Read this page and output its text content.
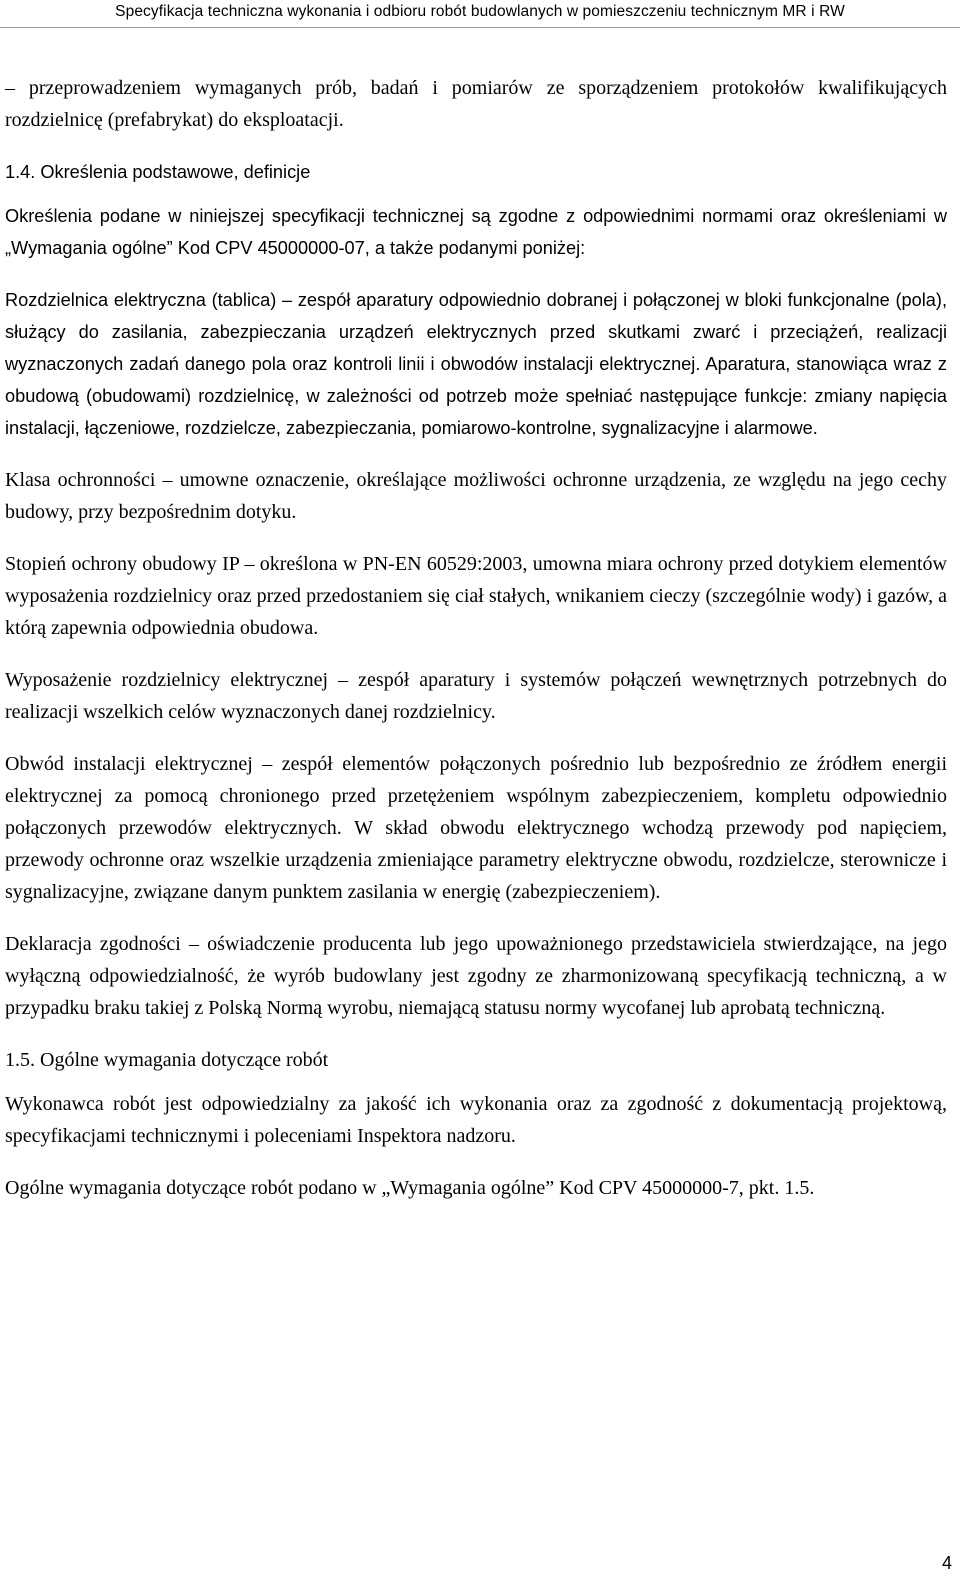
Specyfikacja techniczna wykonania i odbioru robót budowlanych w pomieszczeniu technicznym MR i RW

– przeprowadzeniem wymaganych prób, badań i pomiarów ze sporządzeniem protokołów kwalifikujących rozdzielnicę (prefabrykat) do eksploatacji.

1.4. Określenia podstawowe, definicje

Określenia podane w niniejszej specyfikacji technicznej są zgodne z odpowiednimi normami oraz określeniami w „Wymagania ogólne” Kod CPV 45000000-07, a także podanymi poniżej:

Rozdzielnica elektryczna (tablica) – zespół aparatury odpowiednio dobranej i połączonej w bloki funkcjonalne (pola), służący do zasilania, zabezpieczania urządzeń elektrycznych przed skutkami zwarć i przeciążeń, realizacji wyznaczonych zadań danego pola oraz kontroli linii i obwodów instalacji elektrycznej. Aparatura, stanowiąca wraz z obudową (obudowami) rozdzielnicę, w zależności od potrzeb może spełniać następujące funkcje: zmiany napięcia instalacji, łączeniowe, rozdzielcze, zabezpieczania, pomiarowo-kontrolne, sygnalizacyjne i alarmowe.

Klasa ochronności – umowne oznaczenie, określające możliwości ochronne urządzenia, ze względu na jego cechy budowy, przy bezpośrednim dotyku.

Stopień ochrony obudowy IP – określona w PN-EN 60529:2003, umowna miara ochrony przed dotykiem elementów wyposażenia rozdzielnicy oraz przed przedostaniem się ciał stałych, wnikaniem cieczy (szczególnie wody) i gazów, a którą zapewnia odpowiednia obudowa.

Wyposażenie rozdzielnicy elektrycznej – zespół aparatury i systemów połączeń wewnętrznych potrzebnych do realizacji wszelkich celów wyznaczonych danej rozdzielnicy.

Obwód instalacji elektrycznej – zespół elementów połączonych pośrednio lub bezpośrednio ze źródłem energii elektrycznej za pomocą chronionego przed przetężeniem wspólnym zabezpieczeniem, kompletu odpowiednio połączonych przewodów elektrycznych. W skład obwodu elektrycznego wchodzą przewody pod napięciem, przewody ochronne oraz wszelkie urządzenia zmieniające parametry elektryczne obwodu, rozdzielcze, sterownicze i sygnalizacyjne, związane danym punktem zasilania w energię (zabezpieczeniem).

Deklaracja zgodności – oświadczenie producenta lub jego upoważnionego przedstawiciela stwierdzające, na jego wyłączną odpowiedzialność, że wyrób budowlany jest zgodny ze zharmonizowaną specyfikacją techniczną, a w przypadku braku takiej z Polską Normą wyrobu, niemającą statusu normy wycofanej lub aprobatą techniczną.

1.5. Ogólne wymagania dotyczące robót

Wykonawca robót jest odpowiedzialny za jakość ich wykonania oraz za zgodność z dokumentacją projektową, specyfikacjami technicznymi i poleceniami Inspektora nadzoru.

Ogólne wymagania dotyczące robót podano w „Wymagania ogólne” Kod CPV 45000000-7, pkt. 1.5.

4
